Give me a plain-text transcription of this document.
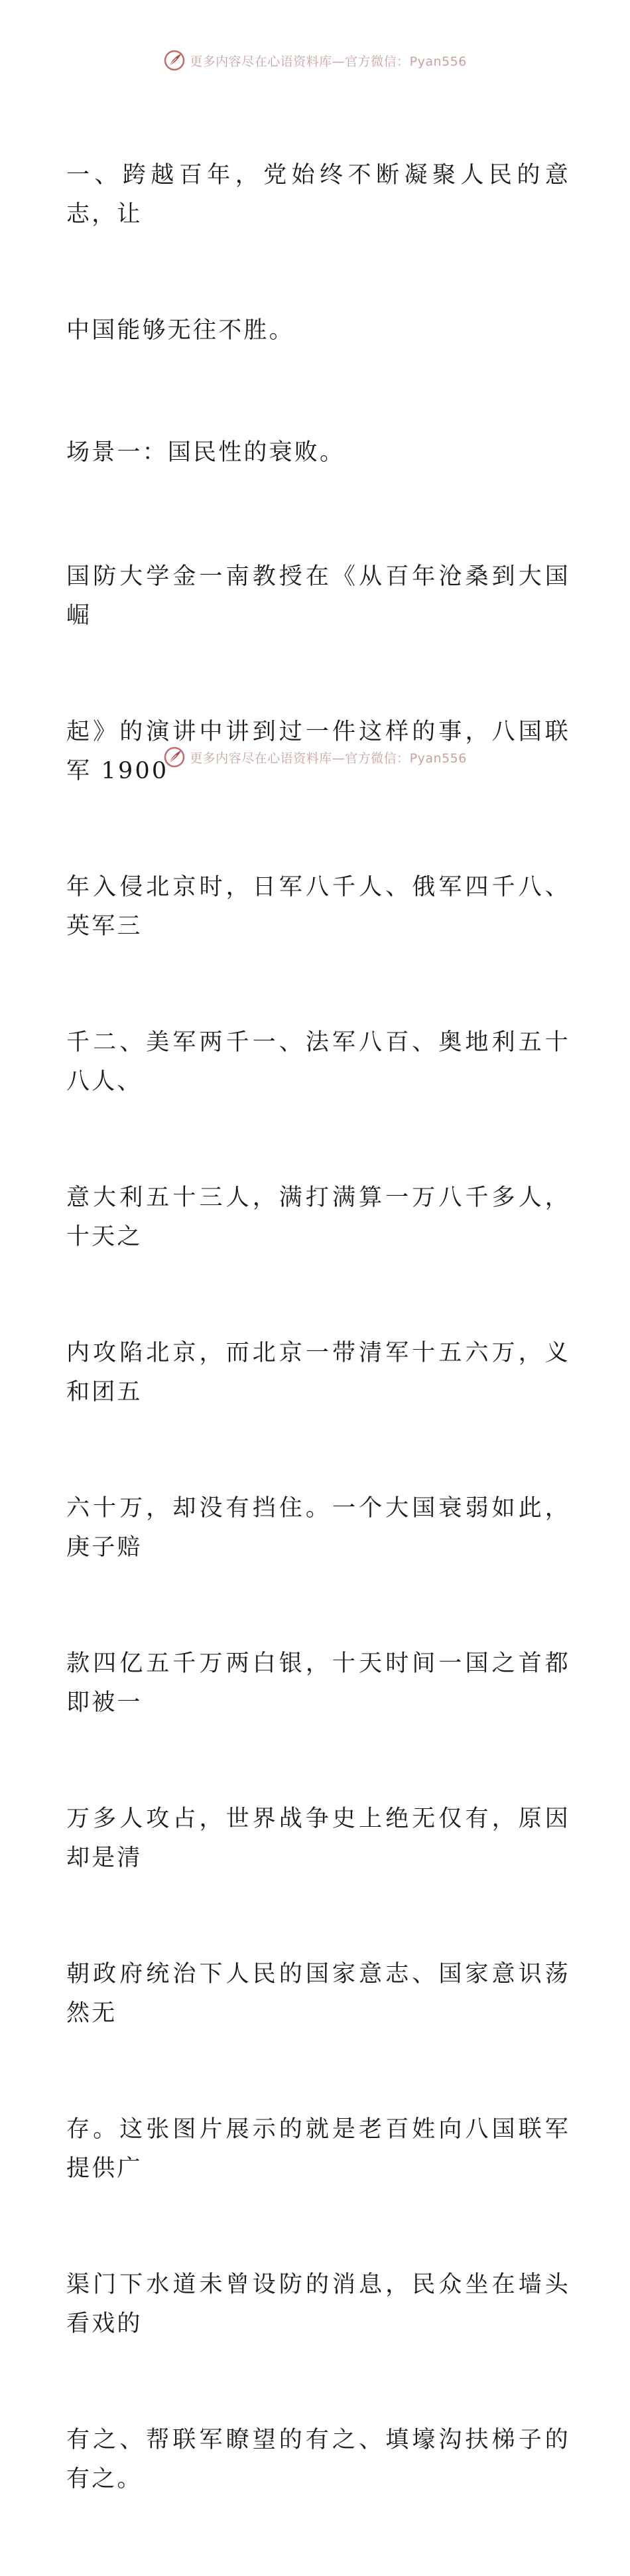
更多内容尽在心语资料库—官方微信：Pyan556

一、跨越百年，党始终不断凝聚人民的意志，让

中国能够无往不胜。

场景一：国民性的衰败。

国防大学金一南教授在《从百年沧桑到大国崛

起》的演讲中讲到过一件这样的事，八国联军 1900

年入侵北京时，日军八千人、俄军四千八、英军三

千二、美军两千一、法军八百、奥地利五十八人、

意大利五十三人，满打满算一万八千多人，十天之

内攻陷北京，而北京一带清军十五六万，义和团五

六十万，却没有挡住。一个大国衰弱如此，庚子赔

款四亿五千万两白银，十天时间一国之首都即被一

万多人攻占，世界战争史上绝无仅有，原因却是清

朝政府统治下人民的国家意志、国家意识荡然无

存。这张图片展示的就是老百姓向八国联军提供广

渠门下水道未曾设防的消息，民众坐在墙头看戏的

有之、帮联军瞭望的有之、填壕沟扶梯子的有之。

更多内容尽在心语资料库—官方微信：Pyan556
